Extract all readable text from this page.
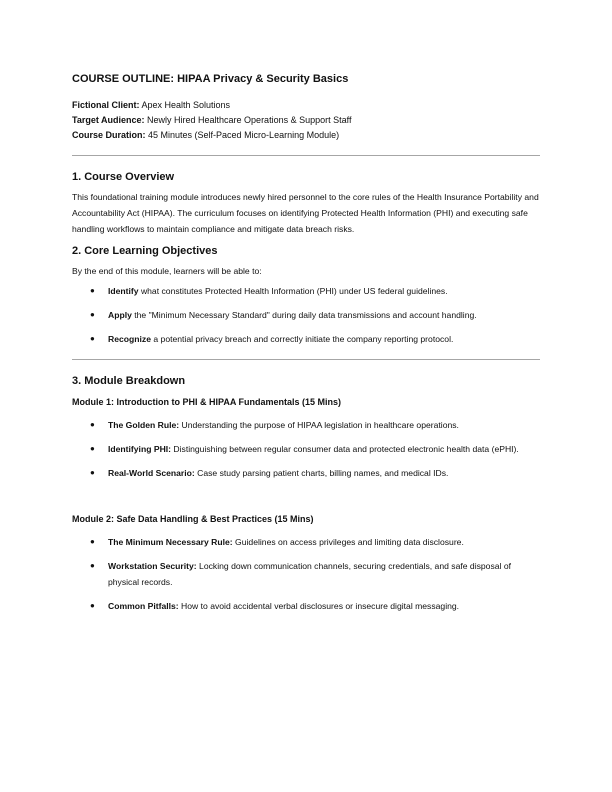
COURSE OUTLINE: HIPAA Privacy & Security Basics

Fictional Client: Apex Health Solutions

Target Audience: Newly Hired Healthcare Operations & Support Staff

Course Duration: 45 Minutes (Self-Paced Micro-Learning Module)

1. Course Overview

This foundational training module introduces newly hired personnel to the core rules of the Health Insurance Portability and Accountability Act (HIPAA). The curriculum focuses on identifying Protected Health Information (PHI) and executing safe handling workflows to maintain compliance and mitigate data breach risks.

2. Core Learning Objectives

By the end of this module, learners will be able to:

● Identify what constitutes Protected Health Information (PHI) under US federal guidelines.
● Apply the "Minimum Necessary Standard" during daily data transmissions and account handling.
● Recognize a potential privacy breach and correctly initiate the company reporting protocol.
3. Module Breakdown
Module 1: Introduction to PHI & HIPAA Fundamentals (15 Mins)
● The Golden Rule: Understanding the purpose of HIPAA legislation in healthcare operations.
● Identifying PHI: Distinguishing between regular consumer data and protected electronic health data (ePHI).
● Real-World Scenario: Case study parsing patient charts, billing names, and medical IDs.
Module 2: Safe Data Handling & Best Practices (15 Mins)
● The Minimum Necessary Rule: Guidelines on access privileges and limiting data disclosure.
● Workstation Security: Locking down communication channels, securing credentials, and safe disposal of physical records.
● Common Pitfalls: How to avoid accidental verbal disclosures or insecure digital messaging.
